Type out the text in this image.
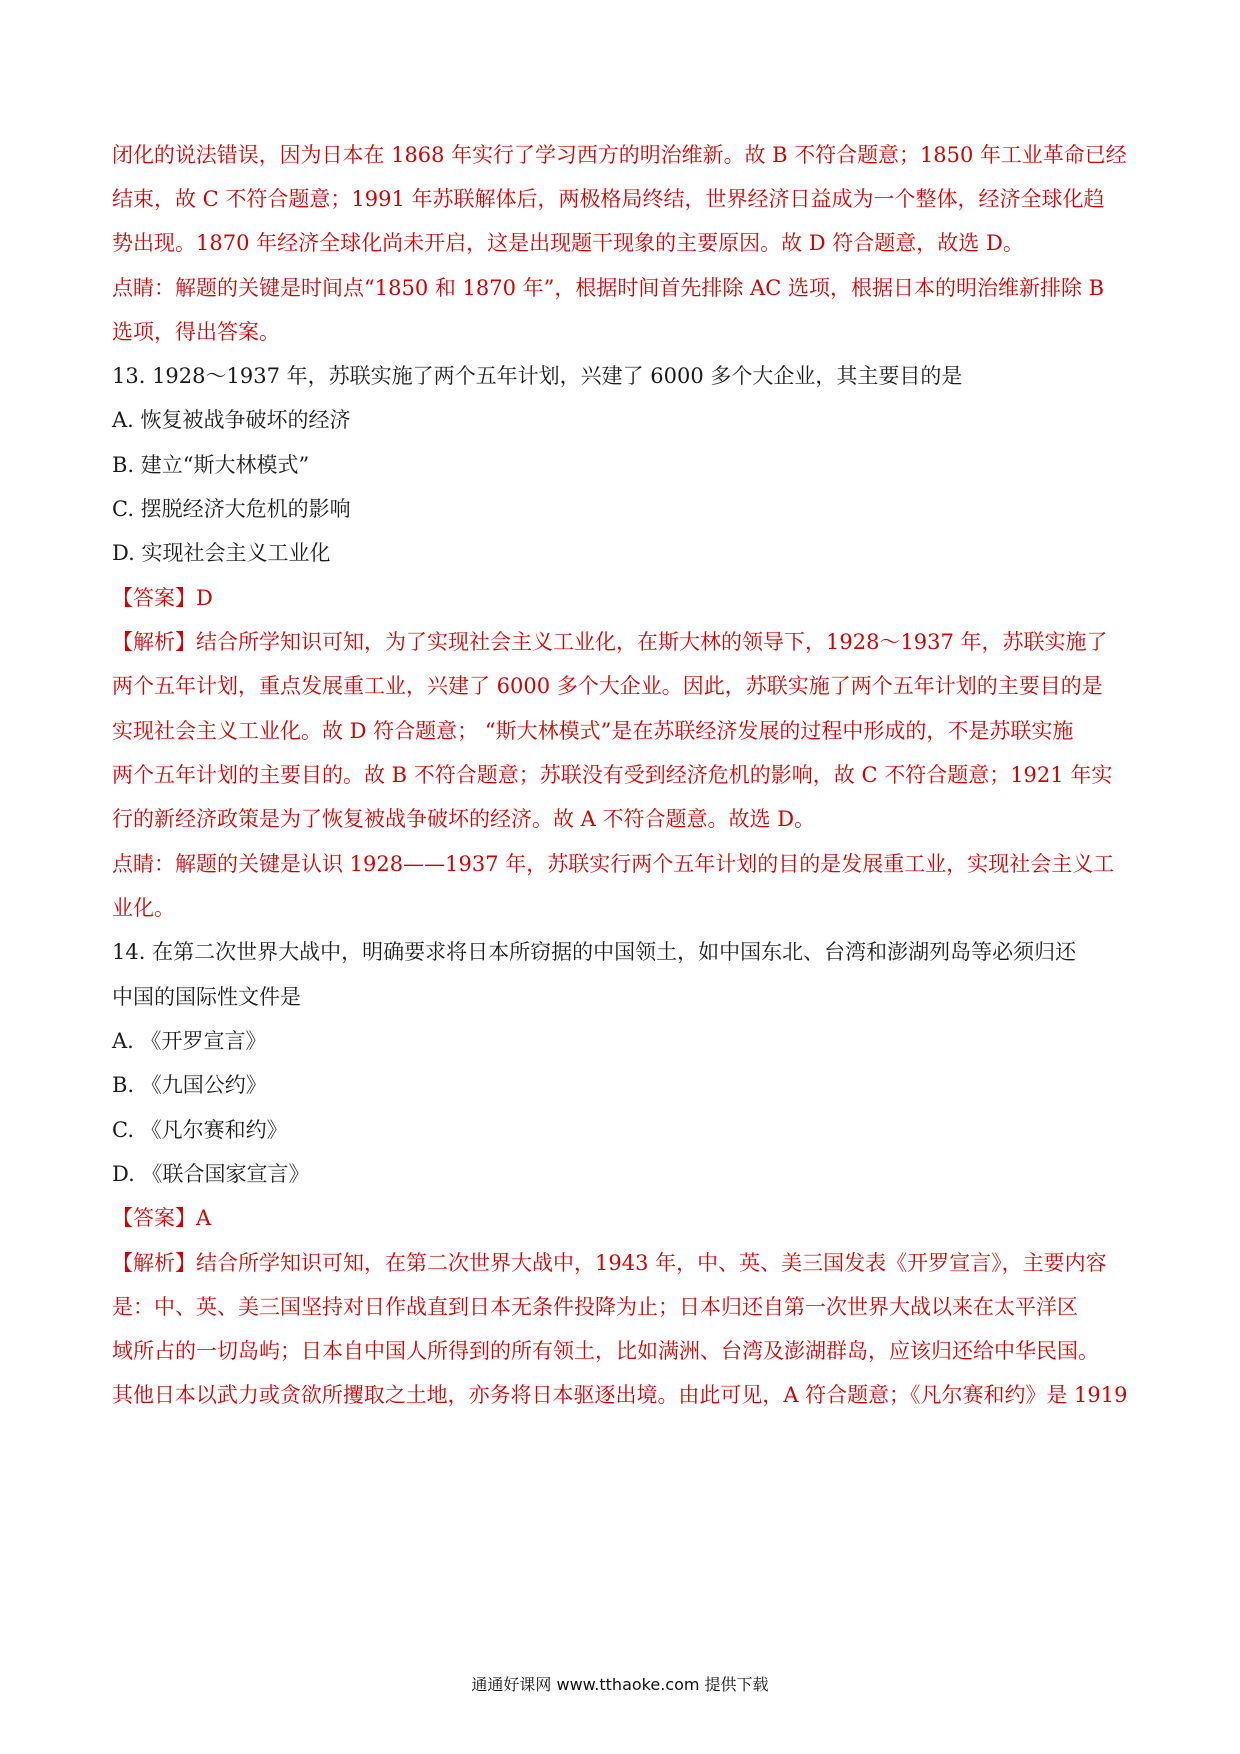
闭化的说法错误，因为日本在 1868 年实行了学习西方的明治维新。故 B 不符合题意；1850 年工业革命已经
结束，故 C 不符合题意；1991 年苏联解体后，两极格局终结，世界经济日益成为一个整体，经济全球化趋
势出现。1870 年经济全球化尚未开启，这是出现题干现象的主要原因。故 D 符合题意，故选 D。
点睛：解题的关键是时间点“1850 和 1870 年”，根据时间首先排除 AC 选项，根据日本的明治维新排除 B
选项，得出答案。
13. 1928～1937 年，苏联实施了两个五年计划，兴建了 6000 多个大企业，其主要目的是
A. 恢复被战争破坏的经济
B. 建立“斯大林模式”
C. 摆脱经济大危机的影响
D. 实现社会主义工业化
【答案】D
【解析】结合所学知识可知，为了实现社会主义工业化，在斯大林的领导下，1928～1937 年，苏联实施了
两个五年计划，重点发展重工业，兴建了 6000 多个大企业。因此，苏联实施了两个五年计划的主要目的是
实现社会主义工业化。故 D 符合题意； “斯大林模式”是在苏联经济发展的过程中形成的，不是苏联实施
两个五年计划的主要目的。故 B 不符合题意；苏联没有受到经济危机的影响，故 C 不符合题意；1921 年实
行的新经济政策是为了恢复被战争破坏的经济。故 A 不符合题意。故选 D。
点睛：解题的关键是认识 1928——1937 年，苏联实行两个五年计划的目的是发展重工业，实现社会主义工
业化。
14. 在第二次世界大战中，明确要求将日本所窃据的中国领土，如中国东北、台湾和澎湖列岛等必须归还
中国的国际性文件是
A. 《开罗宣言》
B. 《九国公约》
C. 《凡尔赛和约》
D. 《联合国家宣言》
【答案】A
【解析】结合所学知识可知，在第二次世界大战中，1943 年，中、英、美三国发表《开罗宣言》，主要内容
是：中、英、美三国坚持对日作战直到日本无条件投降为止；日本归还自第一次世界大战以来在太平洋区
域所占的一切岛屿；日本自中国人所得到的所有领土，比如满洲、台湾及澎湖群岛，应该归还给中华民国。
其他日本以武力或贪欲所攫取之土地，亦务将日本驱逐出境。由此可见，A 符合题意；《凡尔赛和约》是 1919
通通好课网 www.tthaoke.com 提供下载
